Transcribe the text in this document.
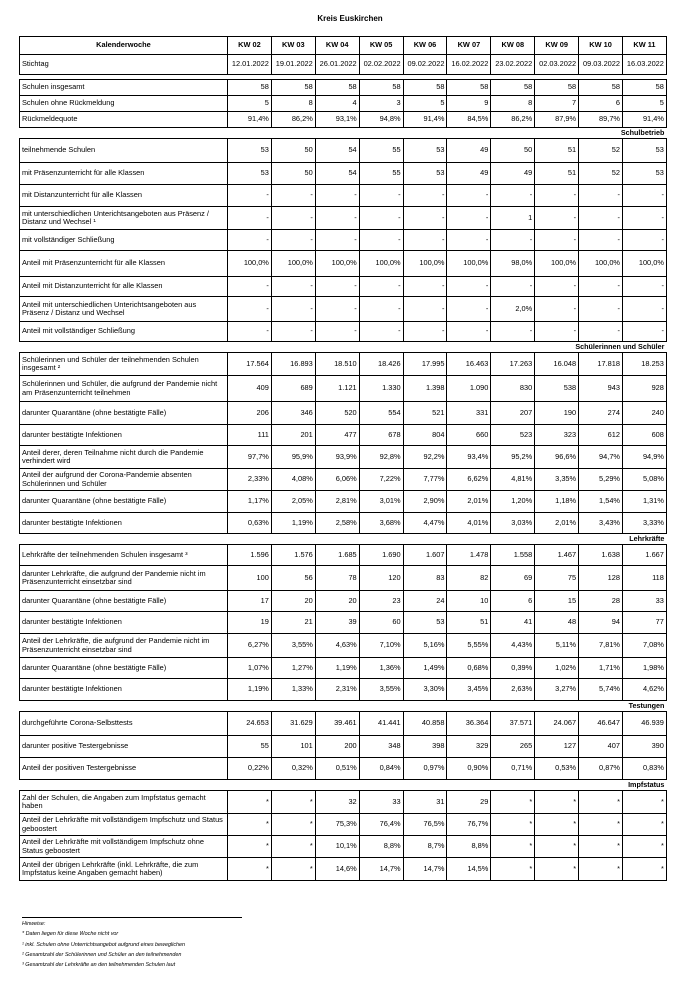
Kreis Euskirchen
Kalenderwoche	KW 02	KW 03	KW 04	KW 05	KW 06	KW 07	KW 08	KW 09	KW 10	KW 11
Stichtag	12.01.2022	19.01.2022	26.01.2022	02.02.2022	09.02.2022	16.02.2022	23.02.2022	02.03.2022	09.03.2022	16.03.2022

Schulen insgesamt	58	58	58	58	58	58	58	58	58	58
Schulen ohne Rückmeldung	5	8	4	3	5	9	8	7	6	5
Rückmeldequote	91,4%	86,2%	93,1%	94,8%	91,4%	84,5%	86,2%	87,9%	89,7%	91,4%
Schulbetrieb										
teilnehmende Schulen	53	50	54	55	53	49	50	51	52	53
mit Präsenzunterricht für alle Klassen	53	50	54	55	53	49	49	51	52	53
mit Distanzunterricht für alle Klassen	-	-	-	-	-	-	-	-	-	-
mit unterschiedlichen Unterichtsangeboten aus Präsenz / Distanz und Wechsel ¹	-	-	-	-	-	-	1	-	-	-
mit vollständiger Schließung	-	-	-	-	-	-	-	-	-	-
Anteil mit Präsenzunterricht für alle Klassen	100,0%	100,0%	100,0%	100,0%	100,0%	100,0%	98,0%	100,0%	100,0%	100,0%
Anteil mit Distanzunterricht für alle Klassen	-	-	-	-	-	-	-	-	-	-
Anteil mit unterschiedlichen Unterichtsangeboten aus Präsenz / Distanz und Wechsel	-	-	-	-	-	-	2,0%	-	-	-
Anteil mit vollständiger Schließung	-	-	-	-	-	-	-	-	-	-
Schülerinnen und Schüler										
Schülerinnen und Schüler der teilnehmenden Schulen insgesamt ²	17.564	16.893	18.510	18.426	17.995	16.463	17.263	16.048	17.818	18.253
Schülerinnen und Schüler, die aufgrund der Pandemie nicht am Präsenzunterricht teilnehmen	409	689	1.121	1.330	1.398	1.090	830	538	943	928
darunter Quarantäne (ohne bestätigte Fälle)	206	346	520	554	521	331	207	190	274	240
darunter bestätigte Infektionen	111	201	477	678	804	660	523	323	612	608
Anteil derer, deren Teilnahme nicht durch die Pandemie verhindert wird	97,7%	95,9%	93,9%	92,8%	92,2%	93,4%	95,2%	96,6%	94,7%	94,9%
Anteil der aufgrund der Corona-Pandemie absenten Schülerinnen und Schüler	2,33%	4,08%	6,06%	7,22%	7,77%	6,62%	4,81%	3,35%	5,29%	5,08%
darunter Quarantäne (ohne bestätigte Fälle)	1,17%	2,05%	2,81%	3,01%	2,90%	2,01%	1,20%	1,18%	1,54%	1,31%
darunter bestätigte Infektionen	0,63%	1,19%	2,58%	3,68%	4,47%	4,01%	3,03%	2,01%	3,43%	3,33%
Lehrkräfte										
Lehrkräfte der teilnehmenden Schulen insgesamt ³	1.596	1.576	1.685	1.690	1.607	1.478	1.558	1.467	1.638	1.667
darunter Lehrkräfte, die aufgrund der Pandemie nicht im Präsenzunterricht einsetzbar sind	100	56	78	120	83	82	69	75	128	118
darunter Quarantäne (ohne bestätigte Fälle)	17	20	20	23	24	10	6	15	28	33
darunter bestätigte Infektionen	19	21	39	60	53	51	41	48	94	77
Anteil der Lehrkräfte, die aufgrund der Pandemie nicht im Präsenzunterricht einsetzbar sind	6,27%	3,55%	4,63%	7,10%	5,16%	5,55%	4,43%	5,11%	7,81%	7,08%
darunter Quarantäne (ohne bestätigte Fälle)	1,07%	1,27%	1,19%	1,36%	1,49%	0,68%	0,39%	1,02%	1,71%	1,98%
darunter bestätigte Infektionen	1,19%	1,33%	2,31%	3,55%	3,30%	3,45%	2,63%	3,27%	5,74%	4,62%
Testungen										
durchgeführte Corona-Selbsttests	24.653	31.629	39.461	41.441	40.858	36.364	37.571	24.067	46.647	46.939
darunter positive Testergebnisse	55	101	200	348	398	329	265	127	407	390
Anteil der positiven Testergebnisse	0,22%	0,32%	0,51%	0,84%	0,97%	0,90%	0,71%	0,53%	0,87%	0,83%
Impfstatus										
Zahl der Schulen, die Angaben zum Impfstatus gemacht haben	*	*	32	33	31	29	*	*	*	*
Anteil der Lehrkräfte mit vollständigem Impfschutz und Status geboostert	*	*	75,3%	76,4%	76,5%	76,7%	*	*	*	*
Anteil der Lehrkräfte mit vollständigem Impfschutz ohne Status geboostert	*	*	10,1%	8,8%	8,7%	8,8%	*	*	*	*
Anteil der übrigen Lehrkräfte (inkl. Lehrkräfte, die zum Impfstatus keine Angaben gemacht haben)	*	*	14,6%	14,7%	14,7%	14,5%	*	*	*	*
Hinweise:
* Daten liegen für diese Woche nicht vor
¹ inkl. Schulen ohne Unterrichtsangebot aufgrund eines beweglichen
² Gesamtzahl der Schülerinnen und Schüler an den teilnehmenden
³ Gesamtzahl der Lehrkräfte an den teilnehmenden Schulen laut
